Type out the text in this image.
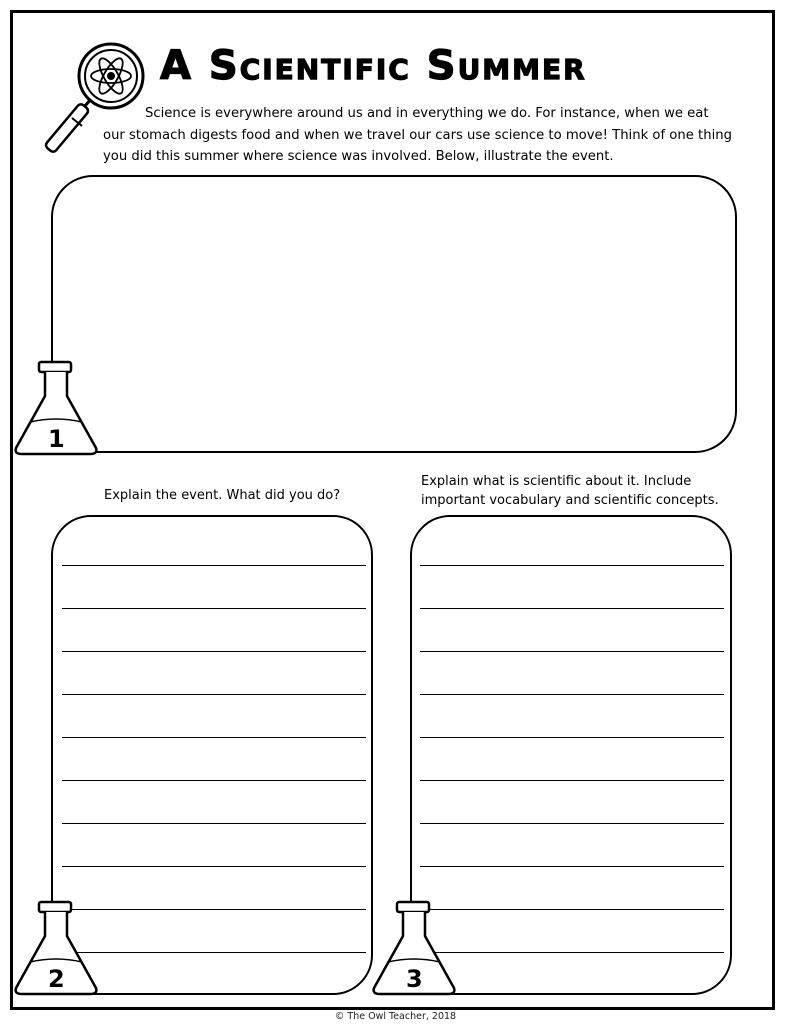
A Scientific Summer
Science is everywhere around us and in everything we do. For instance, when we eat
our stomach digests food and when we travel our cars use science to move! Think of one thing
you did this summer where science was involved. Below, illustrate the event.
1
Explain the event. What did you do?
Explain what is scientific about it. Include
important vocabulary and scientific concepts.
2	3
© The Owl Teacher, 2018
